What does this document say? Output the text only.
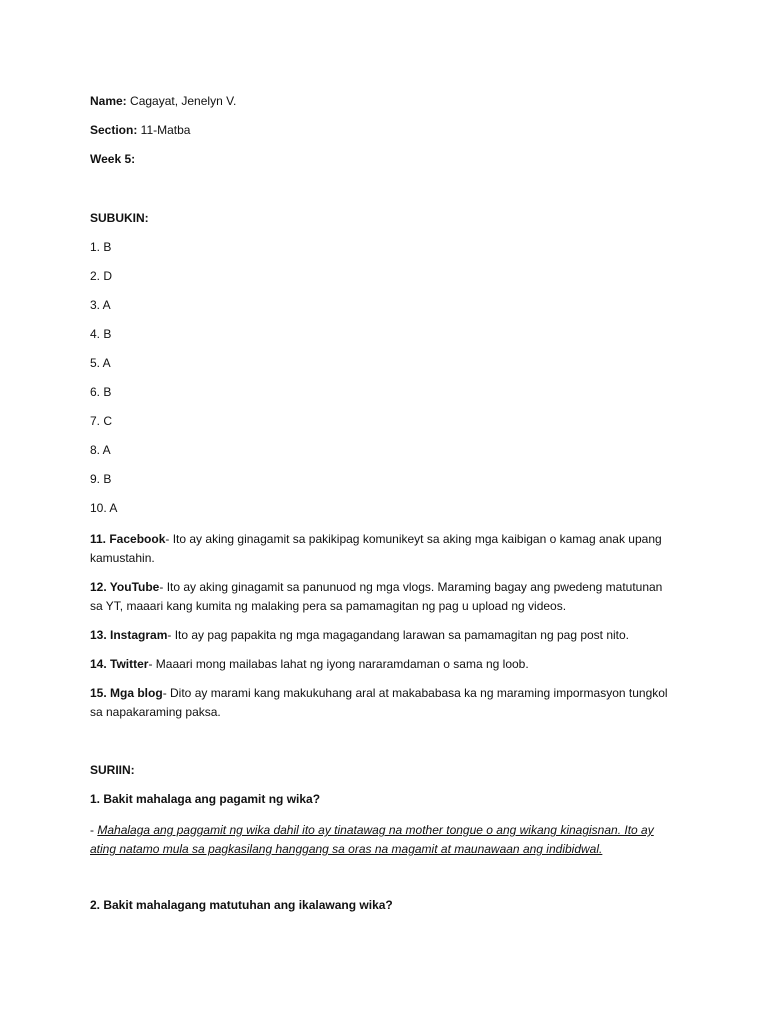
Name: Cagayat, Jenelyn V.
Section: 11-Matba
Week 5:
SUBUKIN:
1. B
2. D
3. A
4. B
5. A
6. B
7. C
8. A
9. B
10. A
11. Facebook- Ito ay aking ginagamit sa pakikipag komunikeyt sa aking mga kaibigan o kamag anak upang kamustahin.
12. YouTube- Ito ay aking ginagamit sa panunuod ng mga vlogs. Maraming bagay ang pwedeng matutunan sa YT, maaari kang kumita ng malaking pera sa pamamagitan ng pag u upload ng videos.
13. Instagram- Ito ay pag papakita ng mga magagandang larawan sa pamamagitan ng pag post nito.
14. Twitter- Maaari mong mailabas lahat ng iyong nararamdaman o sama ng loob.
15. Mga blog- Dito ay marami kang makukuhang aral at makababasa ka ng maraming impormasyon tungkol sa napakaraming paksa.
SURIIN:
1. Bakit mahalaga ang pagamit ng wika?
- Mahalaga ang paggamit ng wika dahil ito ay tinatawag na mother tongue o ang wikang kinagisnan. Ito ay ating natamo mula sa pagkasilang hanggang sa oras na magamit at maunawaan ang indibidwal.
2. Bakit mahalagang matutuhan ang ikalawang wika?
